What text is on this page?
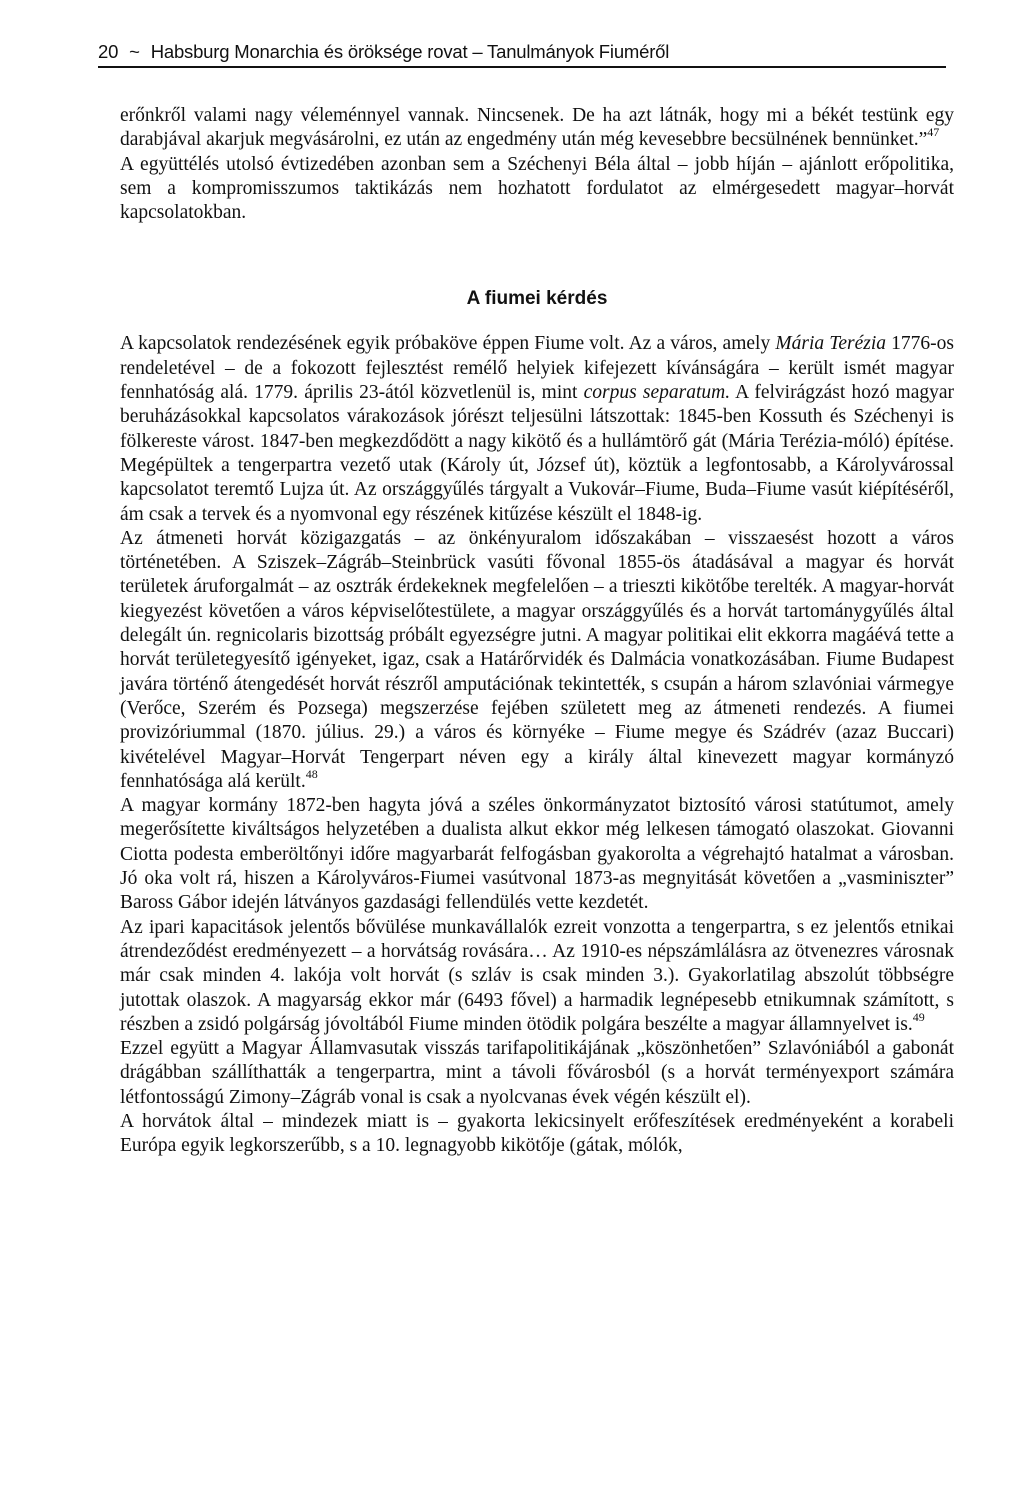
20 ~ Habsburg Monarchia és öröksége rovat – Tanulmányok Fiuméről

erőnkről valami nagy véleménnyel vannak. Nincsenek. De ha azt látnák, hogy mi a békét testünk egy darabjával akarjuk megvásárolni, ez után az engedmény után még kevesebbre becsülnének bennünket.”$^{47}$

A együttélés utolsó évtizedében azonban sem a Széchenyi Béla által – jobb híján – ajánlott erőpolitika, sem a kompromisszumos taktikázás nem hozhatott fordulatot az elmérgesedett magyar–horvát kapcsolatokban.

A fiumei kérdés

A kapcsolatok rendezésének egyik próbaköve éppen Fiume volt. Az a város, amely Mária Terézia 1776-os rendeletével – de a fokozott fejlesztést remélő helyiek kifejezett kívánságára – került ismét magyar fennhatóság alá. 1779. április 23-ától közvetlenül is, mint corpus separatum. A felvirágzást hozó magyar beruházásokkal kapcsolatos várakozások jórészt teljesülni látszottak: 1845-ben Kossuth és Széchenyi is fölkereste várost. 1847-ben megkezdődött a nagy kikötő és a hullámtörő gát (Mária Terézia-móló) építése. Megépültek a tengerpartra vezető utak (Károly út, József út), köztük a legfontosabb, a Károlyvárossal kapcsolatot teremtő Lujza út. Az országgyűlés tárgyalt a Vukovár–Fiume, Buda–Fiume vasút kiépítéséről, ám csak a tervek és a nyomvonal egy részének kitűzése készült el 1848-ig.

Az átmeneti horvát közigazgatás – az önkényuralom időszakában – visszaesést hozott a város történetében. A Sziszek–Zágráb–Steinbrück vasúti fővonal 1855-ös átadásával a magyar és horvát területek áruforgalmát – az osztrák érdekeknek megfelelően – a trieszti kikötőbe terelték. A magyar-horvát kiegyezést követően a város képviselőtestülete, a magyar országgyűlés és a horvát tartománygyűlés által delegált ún. regnicolaris bizottság próbált egyezségre jutni. A magyar politikai elit ekkorra magáévá tette a horvát területegyesítő igényeket, igaz, csak a Határőrvidék és Dalmácia vonatkozásában. Fiume Budapest javára történő átengedését horvát részről amputációnak tekintették, s csupán a három szlavóniai vármegye (Verőce, Szerém és Pozsega) megszerzése fejében született meg az átmeneti rendezés. A fiumei provizóriummal (1870. július. 29.) a város és környéke – Fiume megye és Szádrév (azaz Buccari) kivételével Magyar–Horvát Tengerpart néven egy a király által kinevezett magyar kormányzó fennhatósága alá került.$^{48}$

A magyar kormány 1872-ben hagyta jóvá a széles önkormányzatot biztosító városi statútumot, amely megerősítette kiváltságos helyzetében a dualista alkut ekkor még lelkesen támogató olaszokat. Giovanni Ciotta podesta emberöltőnyi időre magyarbarát felfogásban gyakorolta a végrehajtó hatalmat a városban. Jó oka volt rá, hiszen a Károlyváros-Fiumei vasútvonal 1873-as megnyitását követően a „vasminiszter” Baross Gábor idején látványos gazdasági fellendülés vette kezdetét.

Az ipari kapacitások jelentős bővülése munkavállalók ezreit vonzotta a tengerpartra, s ez jelentős etnikai átrendeződést eredményezett – a horvátság rovására… Az 1910-es népszámlálásra az ötvenezres városnak már csak minden 4. lakója volt horvát (s szláv is csak minden 3.). Gyakorlatilag abszolút többségre jutottak olaszok. A magyarság ekkor már (6493 fővel) a harmadik legnépesebb etnikumnak számított, s részben a zsidó polgárság jóvoltából Fiume minden ötödik polgára beszélte a magyar államnyelvet is.$^{49}$

Ezzel együtt a Magyar Államvasutak visszás tarifapolitikájának „köszönhetően” Szlavóniából a gabonát drágábban szállíthatták a tengerpartra, mint a távoli fővárosból (s a horvát terményexport számára létfontosságú Zimony–Zágráb vonal is csak a nyolcvanas évek végén készült el).

A horvátok által – mindezek miatt is – gyakorta lekicsinyelt erőfeszítések eredményeként a korabeli Európa egyik legkorszerűbb, s a 10. legnagyobb kikötője (gátak, mólók,
